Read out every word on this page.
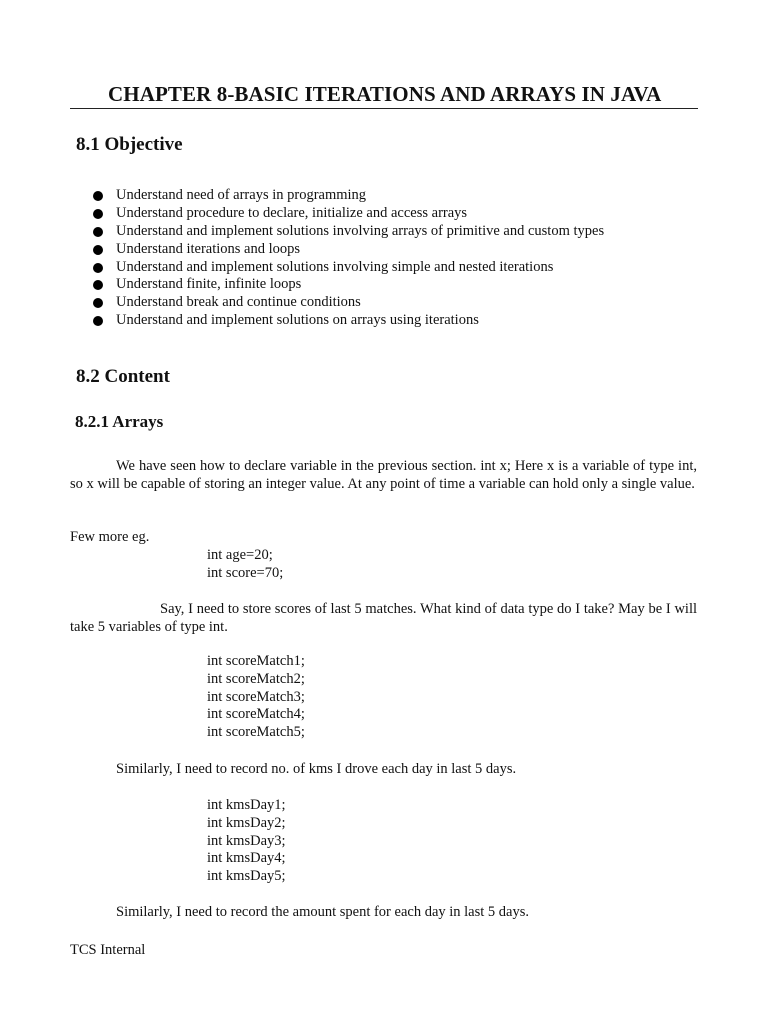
CHAPTER 8-BASIC ITERATIONS AND ARRAYS IN JAVA
8.1 Objective
Understand need of arrays in programming
Understand procedure to declare, initialize and access arrays
Understand and implement solutions involving arrays of primitive and custom types
Understand iterations and loops
Understand and implement solutions involving simple and nested iterations
Understand finite, infinite loops
Understand break and continue conditions
Understand and implement solutions on arrays using iterations
8.2 Content
8.2.1 Arrays

We have seen how to declare variable in the previous section. int x; Here x is a variable of type int, so x will be capable of storing an integer value. At any point of time a variable can hold only a single value.

Few more eg.

int age=20;
int score=70;

Say, I need to store scores of last 5 matches. What kind of data type do I take? May be I will take 5 variables of type int.

int scoreMatch1;
int scoreMatch2;
int scoreMatch3;
int scoreMatch4;
int scoreMatch5;

Similarly, I need to record no. of kms I drove each day in last 5 days.

int kmsDay1;
int kmsDay2;
int kmsDay3;
int kmsDay4;
int kmsDay5;

Similarly, I need to record the amount spent for each day in last 5 days.

TCS Internal
